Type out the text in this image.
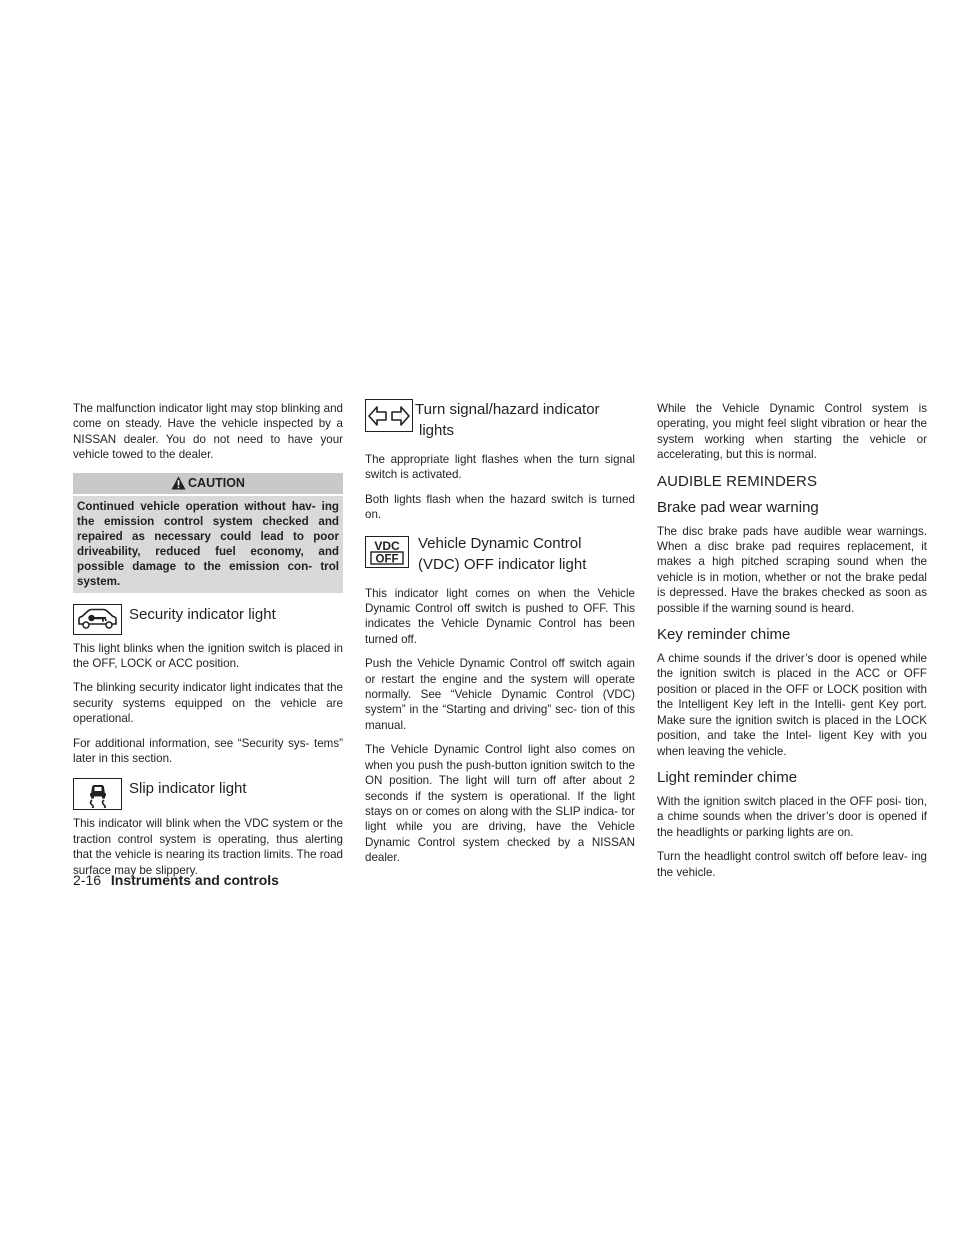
The malfunction indicator light may stop blinking and come on steady. Have the vehicle inspected by a NISSAN dealer. You do not need to have your vehicle towed to the dealer.

CAUTION
Continued vehicle operation without hav- ing the emission control system checked and repaired as necessary could lead to poor driveability, reduced fuel economy, and possible damage to the emission con- trol system.
Security indicator light

This light blinks when the ignition switch is placed in the OFF, LOCK or ACC position.

The blinking security indicator light indicates that the security systems equipped on the vehicle are operational.

For additional information, see “Security sys- tems” later in this section.

Slip indicator light

This indicator will blink when the VDC system or the traction control system is operating, thus alerting that the vehicle is nearing its traction limits. The road surface may be slippery.

Turn signal/hazard indicator
lights

The appropriate light flashes when the turn signal switch is activated.

Both lights flash when the hazard switch is turned on.

VDC
OFF
Vehicle Dynamic Control
(VDC) OFF indicator light

This indicator light comes on when the Vehicle Dynamic Control off switch is pushed to OFF. This indicates the Vehicle Dynamic Control has been turned off.

Push the Vehicle Dynamic Control off switch again or restart the engine and the system will operate normally. See “Vehicle Dynamic Control (VDC) system” in the “Starting and driving” sec- tion of this manual.

The Vehicle Dynamic Control light also comes on when you push the push-button ignition switch to the ON position. The light will turn off after about 2 seconds if the system is operational. If the light stays on or comes on along with the SLIP indica- tor light while you are driving, have the Vehicle Dynamic Control system checked by a NISSAN dealer.

While the Vehicle Dynamic Control system is operating, you might feel slight vibration or hear the system working when starting the vehicle or accelerating, but this is normal.

AUDIBLE REMINDERS
Brake pad wear warning

The disc brake pads have audible wear warnings. When a disc brake pad requires replacement, it makes a high pitched scraping sound when the vehicle is in motion, whether or not the brake pedal is depressed. Have the brakes checked as soon as possible if the warning sound is heard.

Key reminder chime

A chime sounds if the driver’s door is opened while the ignition switch is placed in the ACC or OFF position or placed in the OFF or LOCK position with the Intelligent Key left in the Intelli- gent Key port. Make sure the ignition switch is placed in the LOCK position, and take the Intel- ligent Key with you when leaving the vehicle.

Light reminder chime

With the ignition switch placed in the OFF posi- tion, a chime sounds when the driver’s door is opened if the headlights or parking lights are on.

Turn the headlight control switch off before leav- ing the vehicle.

2-16 Instruments and controls
